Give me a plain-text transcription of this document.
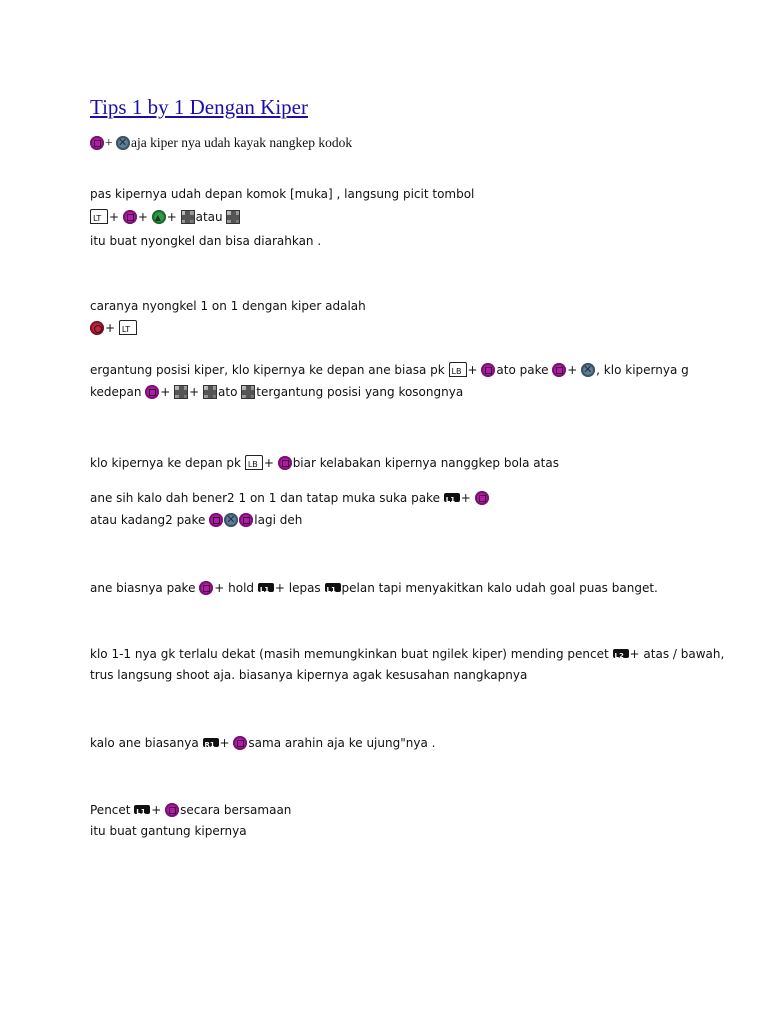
Tips 1 by 1 Dengan Kiper
+ ✕aja kiper nya udah kayak nangkep kodok
pas kipernya udah depan komok [muka] , langsung picit tombol
LT+ + ▲+ atau
itu buat nyongkel dan bisa diarahkan .
caranya nyongkel 1 on 1 dengan kiper adalah
+ LT
ergantung posisi kiper, klo kipernya ke depan ane biasa pk LB+ ato pake + ✕, klo kipernya g
kedepan + + ato tergantung posisi yang kosongnya
klo kipernya ke depan pk LB+ biar kelabakan kipernya nanggkep bola atas
ane sih kalo dah bener2 1 on 1 dan tatap muka suka pake L1+
atau kadang2 pake ✕	lagi deh
ane biasnya pake + hold L1+ lepas L1pelan tapi menyakitkan kalo udah goal puas banget.
klo 1-1 nya gk terlalu dekat (masih memungkinkan buat ngilek kiper) mending pencet L2+ atas / bawah,
trus langsung shoot aja. biasanya kipernya agak kesusahan nangkapnya
kalo ane biasanya R1+ sama arahin aja ke ujung"nya .
Pencet L1+ secara bersamaan
itu buat gantung kipernya
